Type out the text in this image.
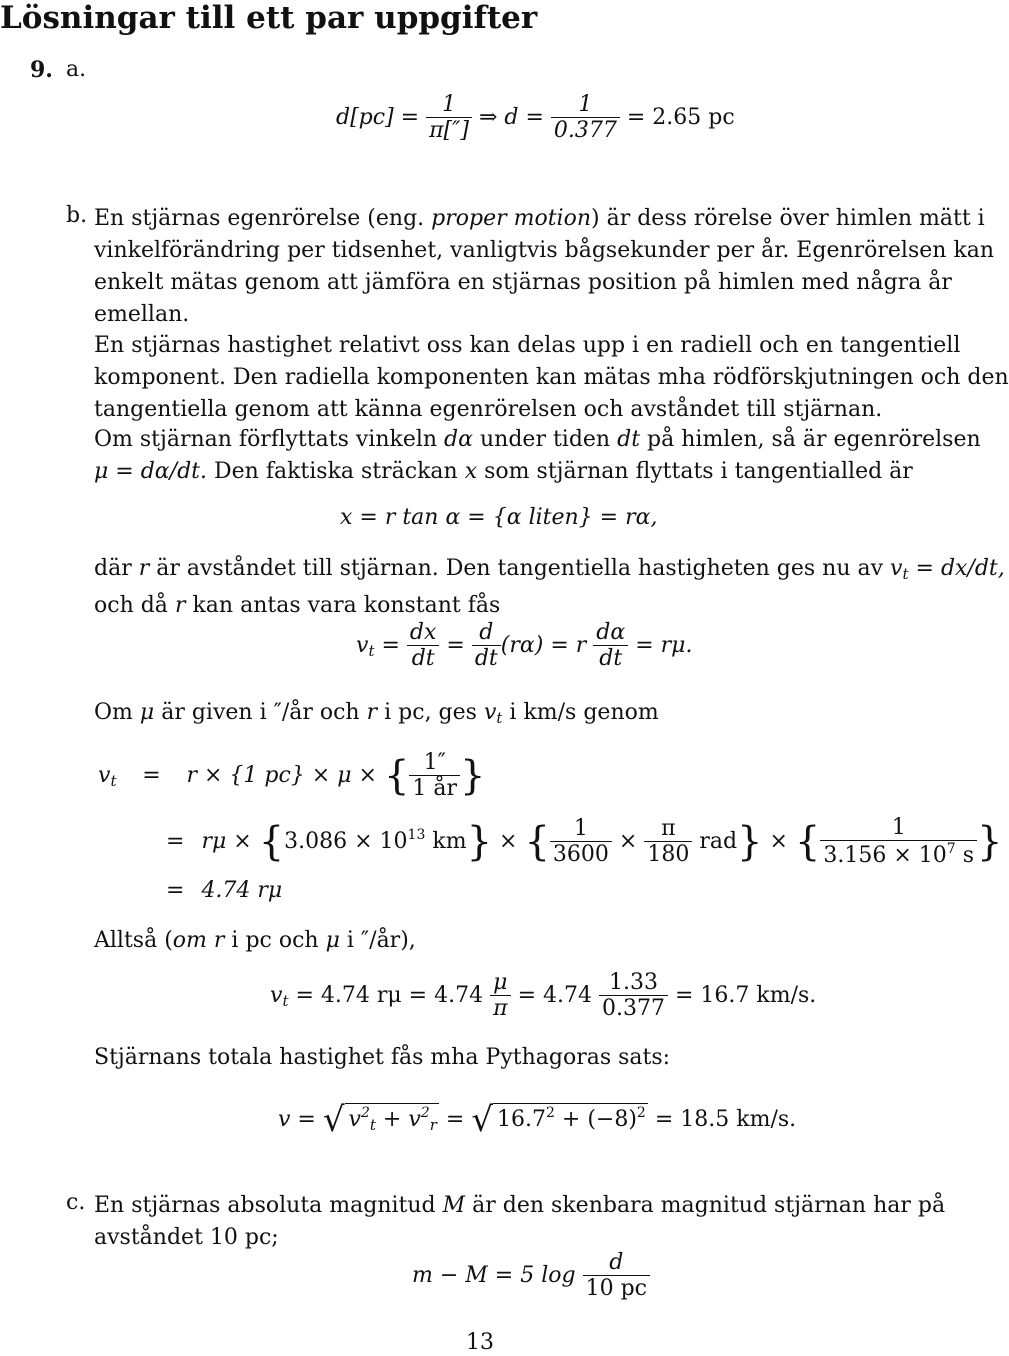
Lösningar till ett par uppgifter
9. a.
$d[pc] = \frac{1}{\pi['']}$ ⇒ $d = \frac{1}{0.377} = 2.65$ pc
b. En stjärnas egenrörelse (eng. proper motion) är dess rörelse över himlen mätt i
vinkelförändring per tidsenhet, vanligtvis bågsekunder per år. Egenrörelsen kan
enkelt mätas genom att jämföra en stjärnas position på himlen med några år
emellan.
En stjärnas hastighet relativt oss kan delas upp i en radiell och en tangentiell
komponent. Den radiella komponenten kan mätas mha rödförskjutningen och den
tangentiella genom att känna egenrörelsen och avståndet till stjärnan.
Om stjärnan förflyttats vinkeln dα under tiden dt på himlen, så är egenrörelsen
μ = dα/dt. Den faktiska sträckan x som stjärnan flyttats i tangentialled är
x = r tan α = {α liten} = rα,
där r är avståndet till stjärnan. Den tangentiella hastigheten ges nu av $v_t = dx/dt$,
och då r kan antas vara konstant fås
$v_t = \frac{dx}{dt} = \frac{d}{dt} (r\alpha) = r \frac{d\alpha}{dt} = r\mu$.
Om μ är given i ″/år och r i pc, ges $v_t$ i km/s genom
$v_t = r \times \{1$ pc} × μ × { $\frac{1''}{1 år}$ }
= $r\mu \times \{3.086 \times 10^{13}$ km} × { $\frac{1}{3600} \times \frac{\pi}{180} rad$} × { $\frac{1}{3.156 \times 10^7 s}$ }
= 4.74 rμ
Alltså (om r i pc och μ i ″/år),
$v_t = 4.74$ $r\mu = 4.74 \frac{\mu}{\pi} = 4.74 \frac{1.33}{0.377} = 16.7$ km/s.
Stjärnans totala hastighet fås mha Pythagoras sats:
v = √ $v^2_t + v^2_r$ = √ $16.7^2 + (-8)^2 = 18.5$ km/s.
c. En stjärnas absoluta magnitud M är den skenbara magnitud stjärnan har på
avståndet 10 pc;
m − M = 5 $\log \frac{d}{10 pc}$
13
